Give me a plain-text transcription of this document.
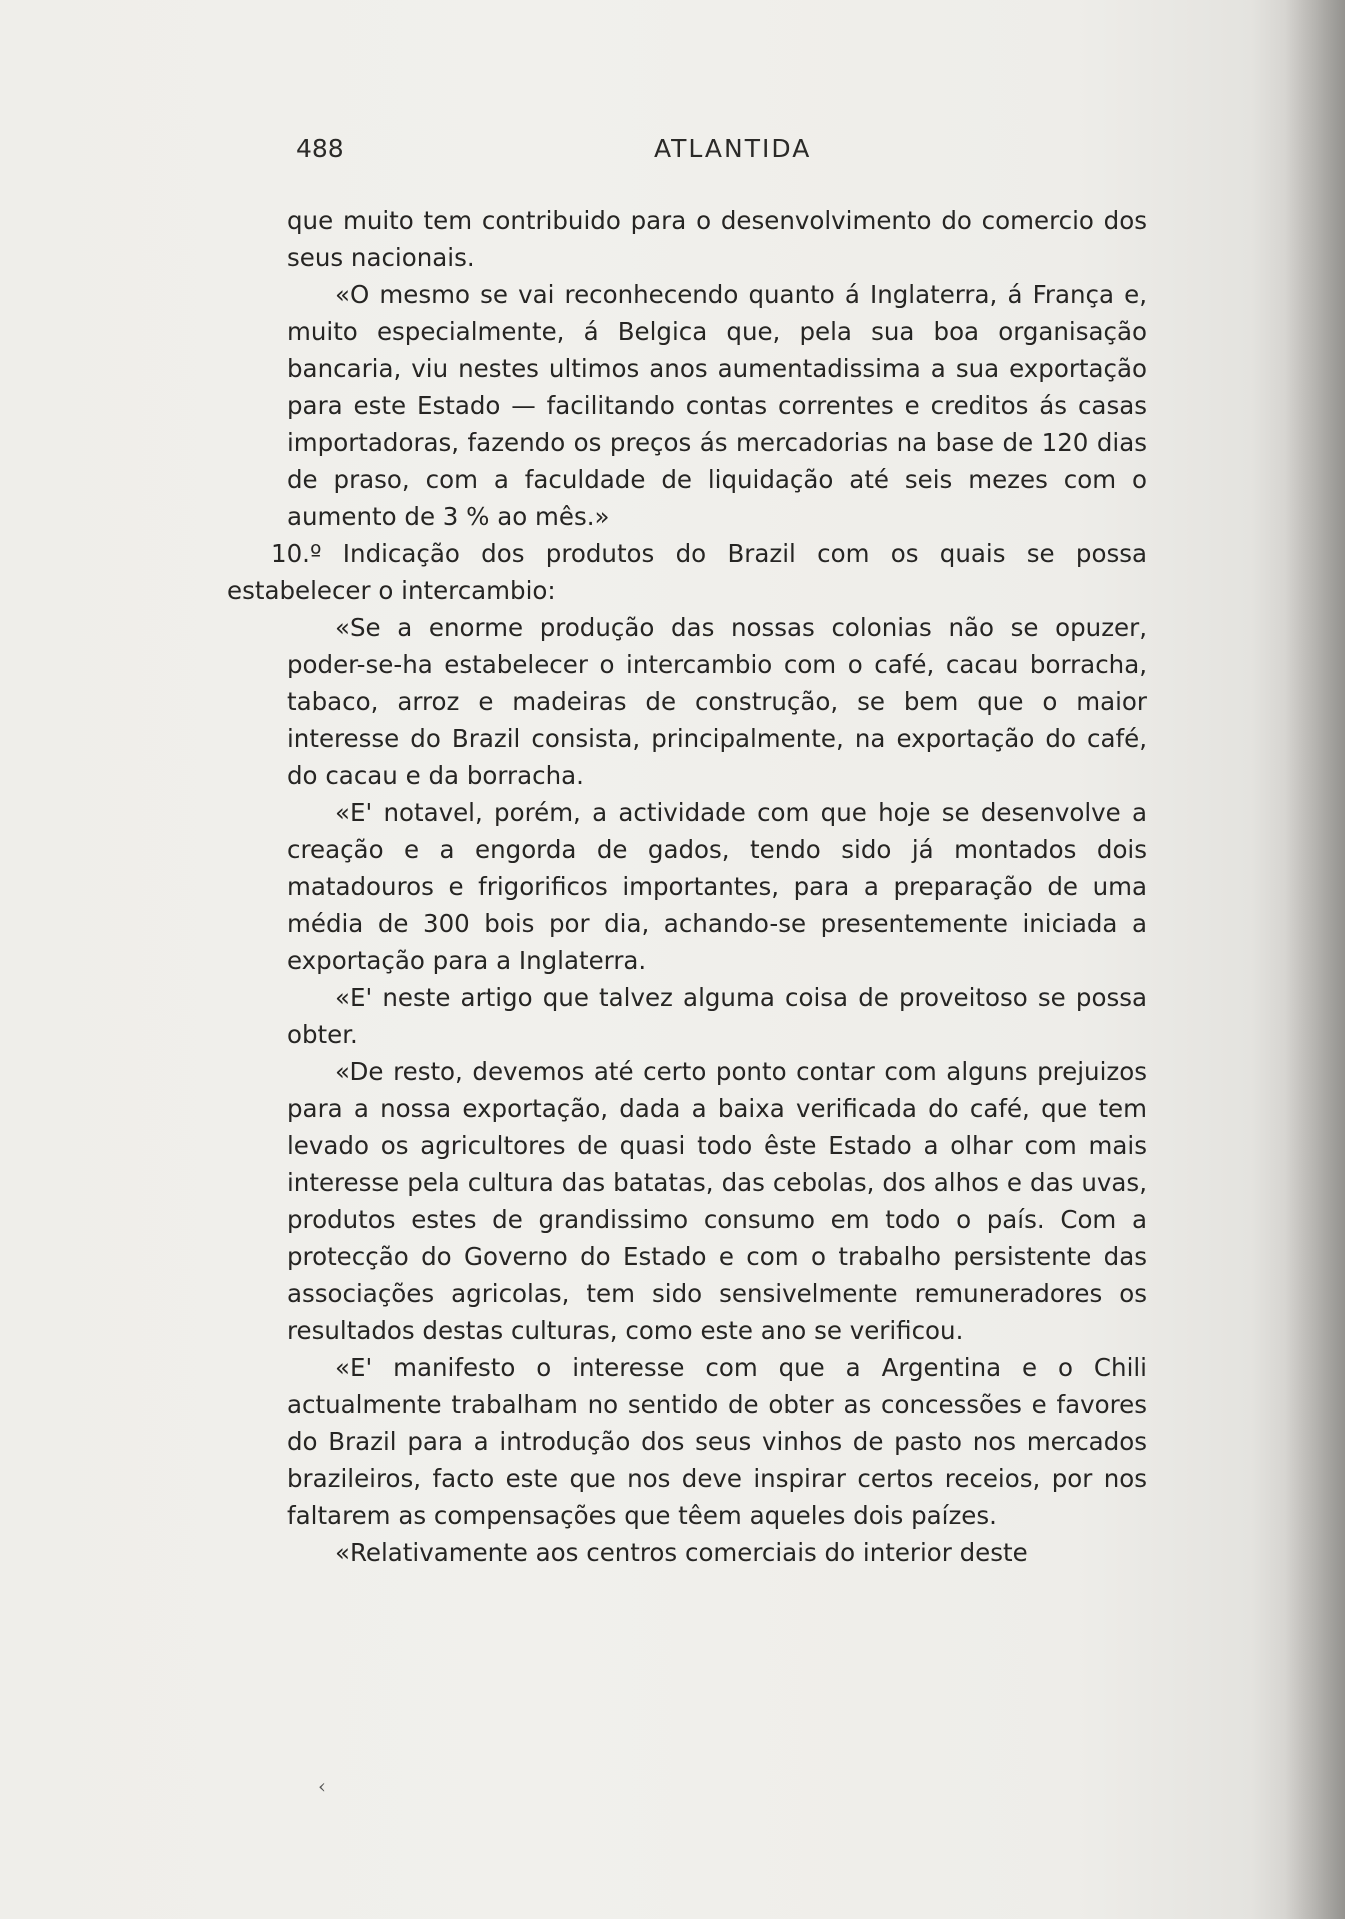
488	ATLANTIDA

que muito tem contribuido para o desenvolvimento do comercio dos seus nacionais.

«O mesmo se vai reconhecendo quanto á Inglaterra, á França e, muito especialmente, á Belgica que, pela sua boa organisação bancaria, viu nestes ultimos anos aumentadissima a sua exportação para este Estado — facilitando contas correntes e creditos ás casas importadoras, fazendo os preços ás mercadorias na base de 120 dias de praso, com a faculdade de liquidação até seis mezes com o aumento de 3 % ao mês.»

10.º Indicação dos produtos do Brazil com os quais se possa estabelecer o intercambio:

«Se a enorme produção das nossas colonias não se opuzer, poder-se-ha estabelecer o intercambio com o café, cacau borracha, tabaco, arroz e madeiras de construção, se bem que o maior interesse do Brazil consista, principalmente, na exportação do café, do cacau e da borracha.

«E' notavel, porém, a actividade com que hoje se desenvolve a creação e a engorda de gados, tendo sido já montados dois matadouros e frigorificos importantes, para a preparação de uma média de 300 bois por dia, achando-se presentemente iniciada a exportação para a Inglaterra.

«E' neste artigo que talvez alguma coisa de proveitoso se possa obter.

«De resto, devemos até certo ponto contar com alguns prejuizos para a nossa exportação, dada a baixa verificada do café, que tem levado os agricultores de quasi todo êste Estado a olhar com mais interesse pela cultura das batatas, das cebolas, dos alhos e das uvas, produtos estes de grandissimo consumo em todo o país. Com a protecção do Governo do Estado e com o trabalho persistente das associações agricolas, tem sido sensivelmente remuneradores os resultados destas culturas, como este ano se verificou.

«E' manifesto o interesse com que a Argentina e o Chili actualmente trabalham no sentido de obter as concessões e favores do Brazil para a introdução dos seus vinhos de pasto nos mercados brazileiros, facto este que nos deve inspirar certos receios, por nos faltarem as compensações que têem aqueles dois paízes.

«Relativamente aos centros comerciais do interior deste

‹
